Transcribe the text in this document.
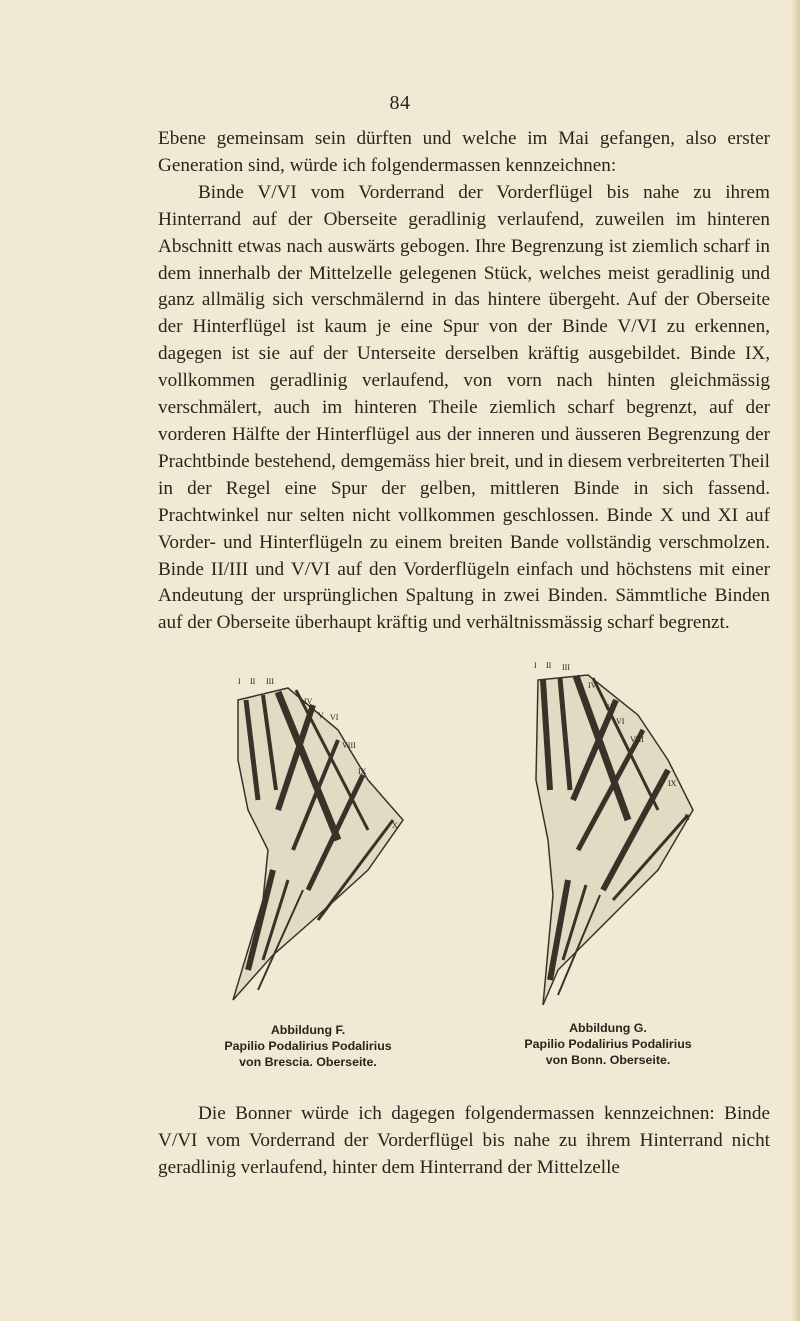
84

Ebene gemeinsam sein dürften und welche im Mai gefangen, also erster Generation sind, würde ich folgendermassen kennzeichnen:

Binde V/VI vom Vorderrand der Vorderflügel bis nahe zu ihrem Hinterrand auf der Oberseite geradlinig verlaufend, zuweilen im hinteren Abschnitt etwas nach auswärts gebogen. Ihre Begrenzung ist ziemlich scharf in dem innerhalb der Mittelzelle gelegenen Stück, welches meist geradlinig und ganz allmälig sich verschmälernd in das hintere übergeht. Auf der Oberseite der Hinterflügel ist kaum je eine Spur von der Binde V/VI zu erkennen, dagegen ist sie auf der Unterseite derselben kräftig ausgebildet. Binde IX, vollkommen geradlinig verlaufend, von vorn nach hinten gleichmässig verschmälert, auch im hinteren Theile ziemlich scharf begrenzt, auf der vorderen Hälfte der Hinterflügel aus der inneren und äusseren Begrenzung der Prachtbinde bestehend, demgemäss hier breit, und in diesem verbreiterten Theil in der Regel eine Spur der gelben, mittleren Binde in sich fassend. Prachtwinkel nur selten nicht vollkommen geschlossen. Binde X und XI auf Vorder- und Hinterflügeln zu einem breiten Bande vollständig verschmolzen. Binde II/III und V/VI auf den Vorderflügeln einfach und höchstens mit einer Andeutung der ursprünglichen Spaltung in zwei Binden. Sämmtliche Binden auf der Oberseite überhaupt kräftig und verhältnissmässig scharf begrenzt.

I II III
IV
V VI
VIII
IX
X
I II III
IV
V
VI
VIII
IX
X
Abbildung F.
Papilio Podalirius Podalirius
von Brescia. Oberseite.
Abbildung G.
Papilio Podalirius Podalirius
von Bonn. Oberseite.

Die Bonner würde ich dagegen folgendermassen kennzeichnen: Binde V/VI vom Vorderrand der Vorderflügel bis nahe zu ihrem Hinterrand nicht geradlinig verlaufend, hinter dem Hinterrand der Mittelzelle
